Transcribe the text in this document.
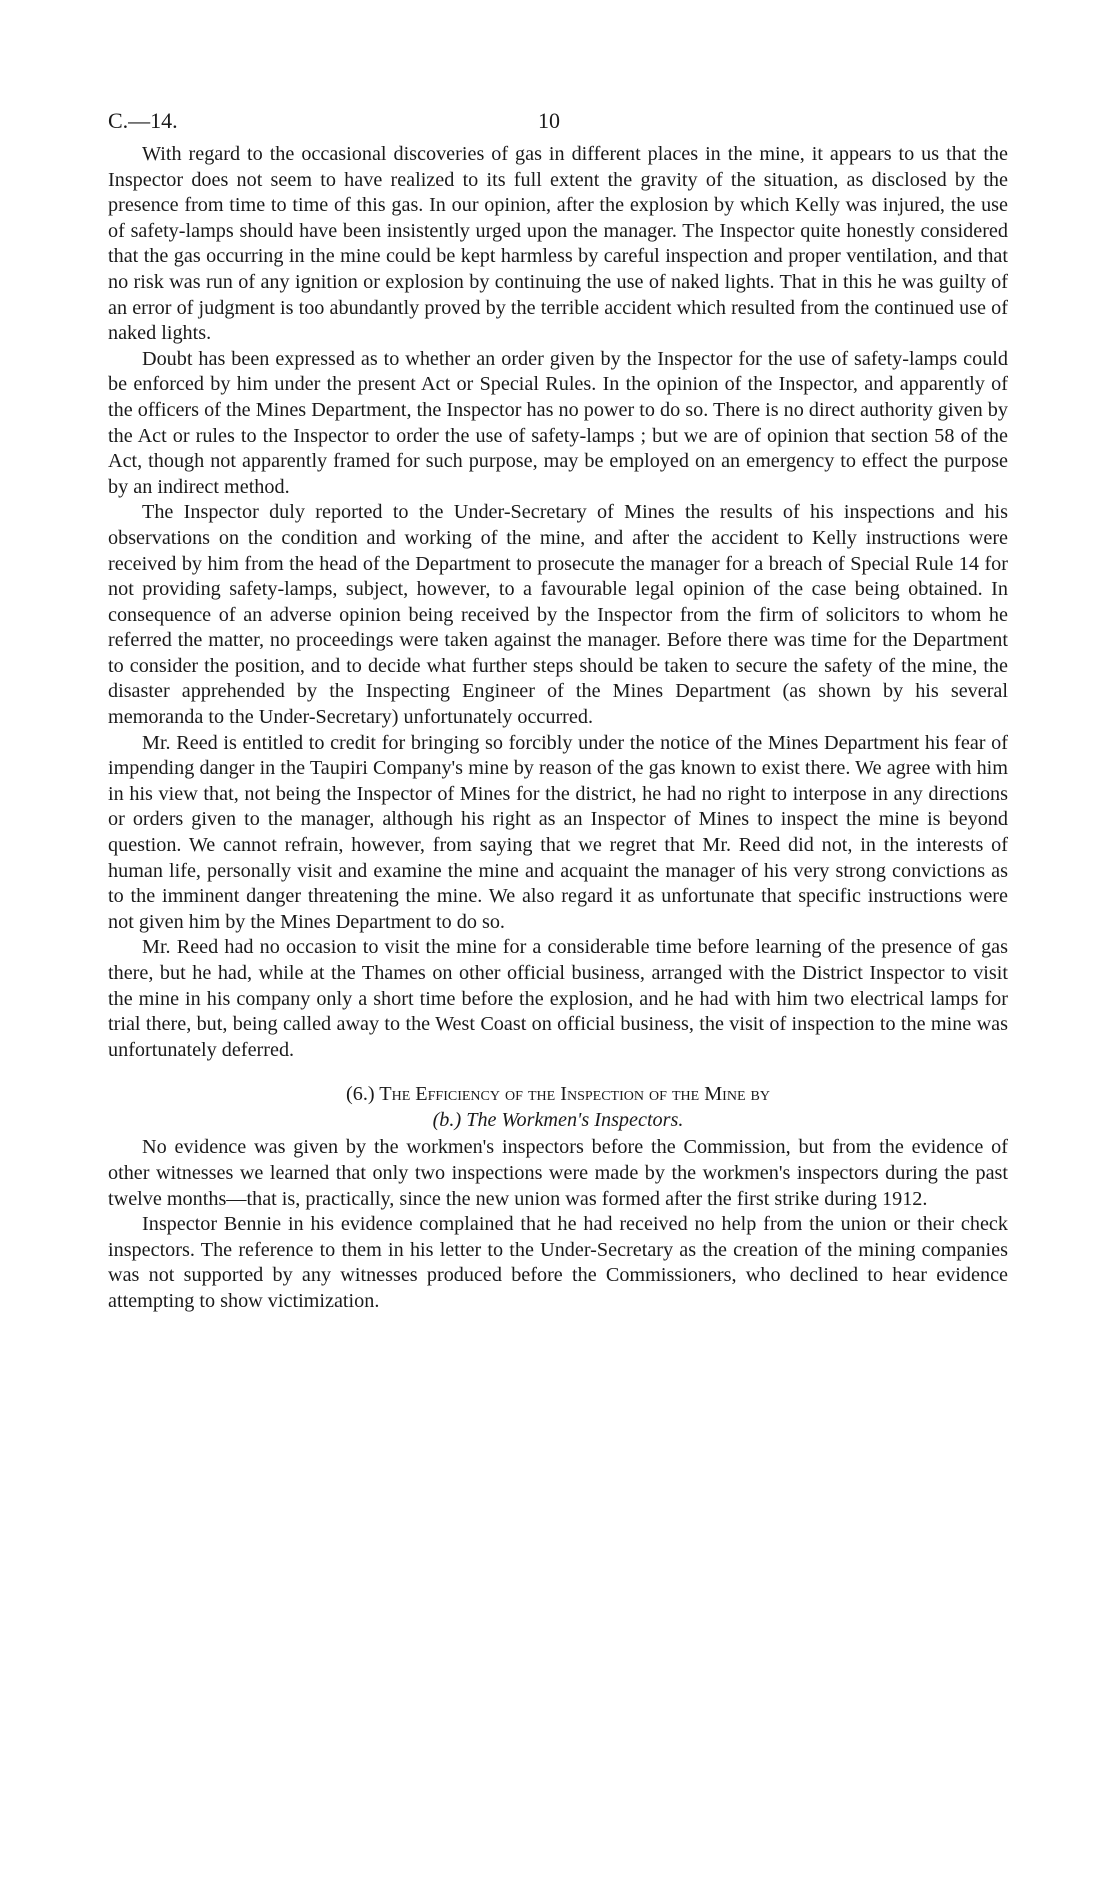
C.—14.	10

With regard to the occasional discoveries of gas in different places in the mine, it appears to us that the Inspector does not seem to have realized to its full extent the gravity of the situation, as disclosed by the presence from time to time of this gas. In our opinion, after the explosion by which Kelly was injured, the use of safety-lamps should have been insistently urged upon the manager. The Inspector quite honestly considered that the gas occurring in the mine could be kept harmless by careful inspection and proper ventilation, and that no risk was run of any ignition or explosion by continuing the use of naked lights. That in this he was guilty of an error of judgment is too abundantly proved by the terrible accident which resulted from the continued use of naked lights.

Doubt has been expressed as to whether an order given by the Inspector for the use of safety-lamps could be enforced by him under the present Act or Special Rules. In the opinion of the Inspector, and apparently of the officers of the Mines Department, the Inspector has no power to do so. There is no direct authority given by the Act or rules to the Inspector to order the use of safety-lamps ; but we are of opinion that section 58 of the Act, though not apparently framed for such purpose, may be employed on an emergency to effect the purpose by an indirect method.

The Inspector duly reported to the Under-Secretary of Mines the results of his inspections and his observations on the condition and working of the mine, and after the accident to Kelly instructions were received by him from the head of the Department to prosecute the manager for a breach of Special Rule 14 for not providing safety-lamps, subject, however, to a favourable legal opinion of the case being obtained. In consequence of an adverse opinion being received by the Inspector from the firm of solicitors to whom he referred the matter, no proceedings were taken against the manager. Before there was time for the Department to consider the position, and to decide what further steps should be taken to secure the safety of the mine, the disaster apprehended by the Inspecting Engineer of the Mines Department (as shown by his several memoranda to the Under-Secretary) unfortunately occurred.

Mr. Reed is entitled to credit for bringing so forcibly under the notice of the Mines Department his fear of impending danger in the Taupiri Company's mine by reason of the gas known to exist there. We agree with him in his view that, not being the Inspector of Mines for the district, he had no right to interpose in any directions or orders given to the manager, although his right as an Inspector of Mines to inspect the mine is beyond question. We cannot refrain, however, from saying that we regret that Mr. Reed did not, in the interests of human life, personally visit and examine the mine and acquaint the manager of his very strong convictions as to the imminent danger threatening the mine. We also regard it as unfortunate that specific instructions were not given him by the Mines Department to do so.

Mr. Reed had no occasion to visit the mine for a considerable time before learning of the presence of gas there, but he had, while at the Thames on other official business, arranged with the District Inspector to visit the mine in his company only a short time before the explosion, and he had with him two electrical lamps for trial there, but, being called away to the West Coast on official business, the visit of inspection to the mine was unfortunately deferred.

(6.) The Efficiency of the Inspection of the Mine by

(b.) The Workmen's Inspectors.

No evidence was given by the workmen's inspectors before the Commission, but from the evidence of other witnesses we learned that only two inspections were made by the workmen's inspectors during the past twelve months—that is, practically, since the new union was formed after the first strike during 1912.

Inspector Bennie in his evidence complained that he had received no help from the union or their check inspectors. The reference to them in his letter to the Under-Secretary as the creation of the mining companies was not supported by any witnesses produced before the Commissioners, who declined to hear evidence attempting to show victimization.
